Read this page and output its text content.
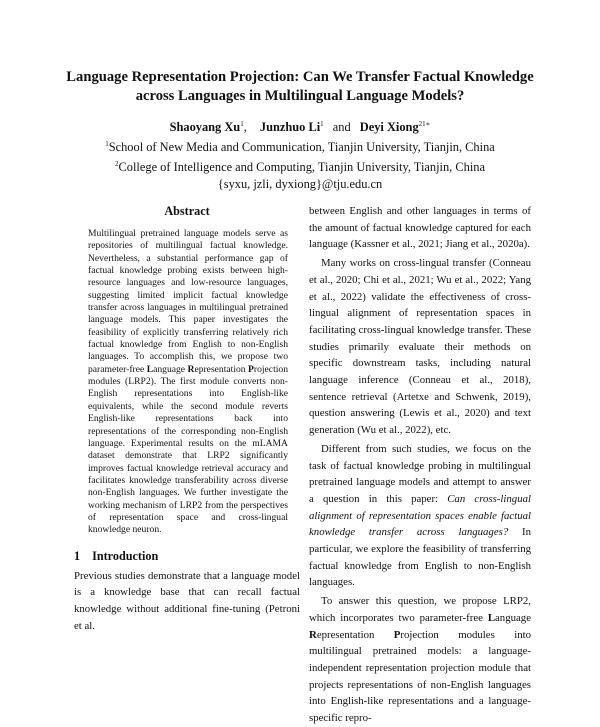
Language Representation Projection: Can We Transfer Factual Knowledge
across Languages in Multilingual Language Models?
Shaoyang Xu$^1$, Junzhuo Li$^1$ and Deyi Xiong$^{21∗}$
$^1$School of New Media and Communication, Tianjin University, Tianjin, China
$^2$College of Intelligence and Computing, Tianjin University, Tianjin, China
{syxu, jzli, dyxiong}@tju.edu.cn
Abstract

Multilingual pretrained language models serve as repositories of multilingual factual knowledge. Nevertheless, a substantial performance gap of factual knowledge probing exists between high-resource languages and low-resource languages, suggesting limited implicit factual knowledge transfer across languages in multilingual pretrained language models. This paper investigates the feasibility of explicitly transferring relatively rich factual knowledge from English to non-English languages. To accomplish this, we propose two parameter-free Language Representation Projection modules (LRP2). The first module converts non-English representations into English-like equivalents, while the second module reverts English-like representations back into representations of the corresponding non-English language. Experimental results on the mLAMA dataset demonstrate that LRP2 significantly improves factual knowledge retrieval accuracy and facilitates knowledge transferability across diverse non-English languages. We further investigate the working mechanism of LRP2 from the perspectives of representation space and cross-lingual knowledge neuron.

1 Introduction

Previous studies demonstrate that a language model is a knowledge base that can recall factual knowledge without additional fine-tuning (Petroni et al.

between English and other languages in terms of the amount of factual knowledge captured for each language (Kassner et al., 2021; Jiang et al., 2020a).

Many works on cross-lingual transfer (Conneau et al., 2020; Chi et al., 2021; Wu et al., 2022; Yang et al., 2022) validate the effectiveness of cross-lingual alignment of representation spaces in facilitating cross-lingual knowledge transfer. These studies primarily evaluate their methods on specific downstream tasks, including natural language inference (Conneau et al., 2018), sentence retrieval (Artetxe and Schwenk, 2019), question answering (Lewis et al., 2020) and text generation (Wu et al., 2022), etc.

Different from such studies, we focus on the task of factual knowledge probing in multilingual pretrained language models and attempt to answer a question in this paper: Can cross-lingual alignment of representation spaces enable factual knowledge transfer across languages? In particular, we explore the feasibility of transferring factual knowledge from English to non-English languages.

To answer this question, we propose LRP2, which incorporates two parameter-free Language Representation Projection modules into multilingual pretrained models: a language-independent representation projection module that projects representations of non-English languages into English-like representations and a language-specific repro-
